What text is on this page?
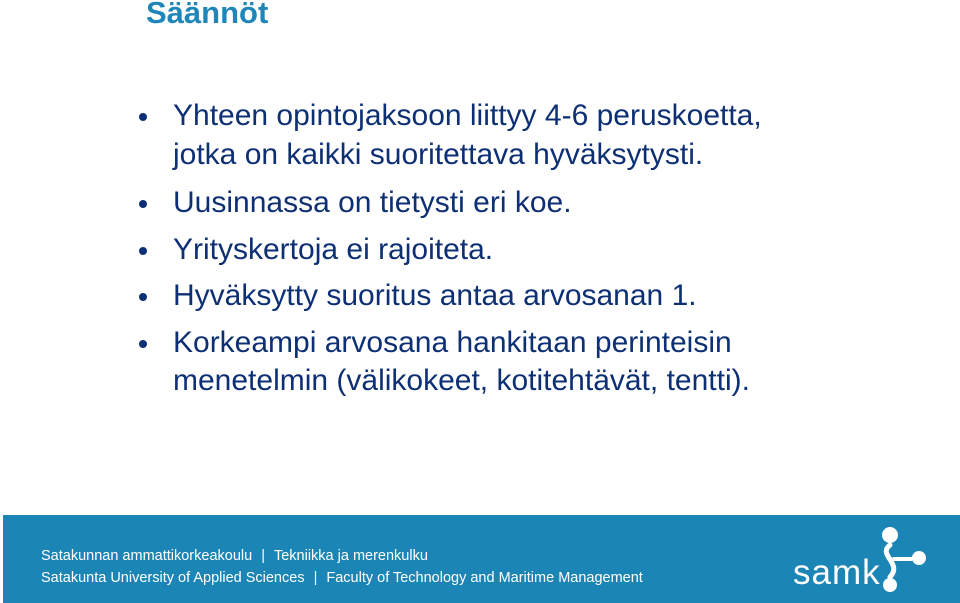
Säännöt
Yhteen opintojaksoon liittyy 4-6 peruskoetta,
jotka on kaikki suoritettava hyväksytysti.
Uusinnassa on tietysti eri koe.
Yrityskertoja ei rajoiteta.
Hyväksytty suoritus antaa arvosanan 1.
Korkeampi arvosana hankitaan perinteisin
menetelmin (välikokeet, kotitehtävät, tentti).
Satakunnan ammattikorkeakoulu | Tekniikka ja merenkulku
Satakunta University of Applied Sciences | Faculty of Technology and Maritime Management	samk
